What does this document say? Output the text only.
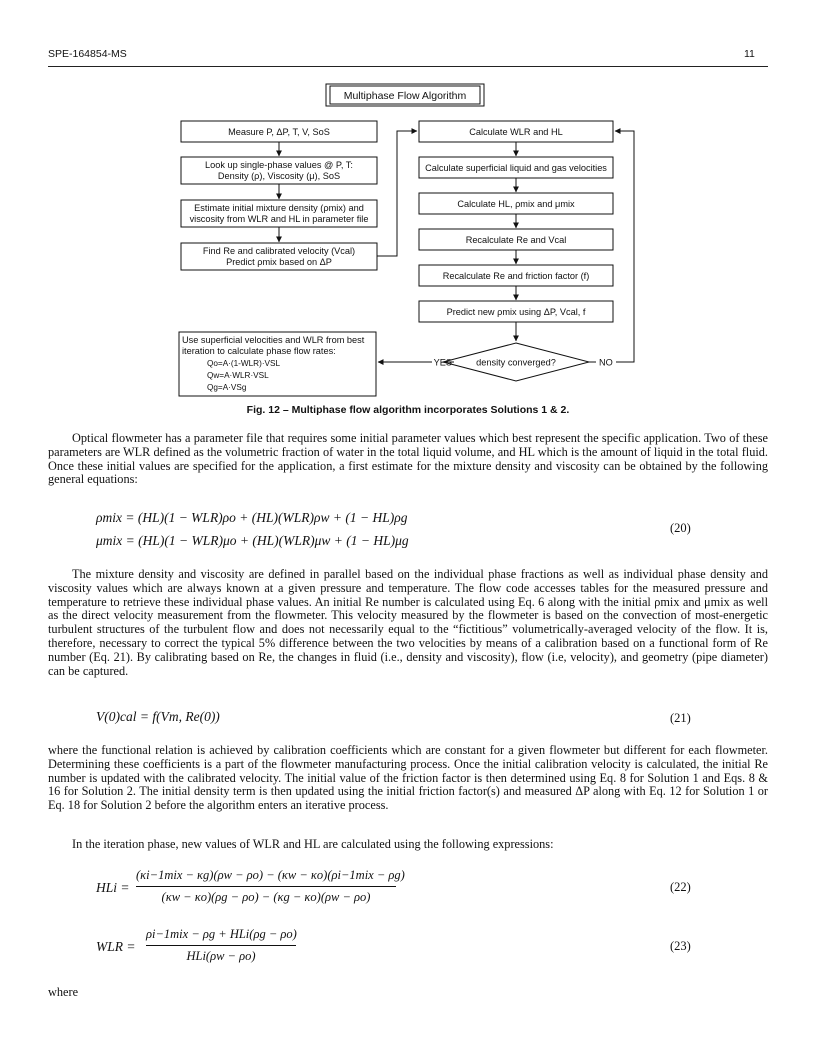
SPE-164854-MS	11
Multiphase Flow Algorithm
Measure P, ΔP, T, V, SoS
Look up single-phase values @ P, T:
Density (ρ), Viscosity (μ), SoS
Estimate initial mixture density (ρmix) and
viscosity from WLR and HL in parameter file
Find Re and calibrated velocity (Vcal)
Predict ρmix based on ΔP
Calculate WLR and HL
Calculate superficial liquid and gas velocities
Calculate HL, ρmix and μmix
Recalculate Re and Vcal
Recalculate Re and friction factor (f)
Predict new ρmix using ΔP, Vcal, f
density converged?	NO
YES
Use superficial velocities and WLR from best
iteration to calculate phase flow rates:
Qo=A·(1-WLR)·VSL
Qw=A·WLR·VSL
Qg=A·VSg
Fig. 12 – Multiphase flow algorithm incorporates Solutions 1 & 2.

Optical flowmeter has a parameter file that requires some initial parameter values which best represent the specific application. Two of these parameters are WLR defined as the volumetric fraction of water in the total liquid volume, and HL which is the amount of liquid in the total fluid. Once these initial values are specified for the application, a first estimate for the mixture density and viscosity can be obtained by the following general equations:

ρmix = (HL)(1 − WLR)ρo + (HL)(WLR)ρw + (1 − HL)ρg
μmix = (HL)(1 − WLR)μo + (HL)(WLR)μw + (1 − HL)μg
(20)

The mixture density and viscosity are defined in parallel based on the individual phase fractions as well as individual phase density and viscosity values which are always known at a given pressure and temperature. The flow code accesses tables for the measured pressure and temperature to retrieve these individual phase values. An initial Re number is calculated using Eq. 6 along with the initial ρmix and μmix as well as the direct velocity measurement from the flowmeter. This velocity measured by the flowmeter is based on the convection of most-energetic turbulent structures of the turbulent flow and does not necessarily equal to the “fictitious” volumetrically-averaged velocity of the flow. It is, therefore, necessary to correct the typical 5% difference between the two velocities by means of a calibration based on a functional form of Re number (Eq. 21). By calibrating based on Re, the changes in fluid (i.e., density and viscosity), flow (i.e, velocity), and geometry (pipe diameter) can be captured.

V(0)cal = f(Vm, Re(0))	(21)

where the functional relation is achieved by calibration coefficients which are constant for a given flowmeter but different for each flowmeter. Determining these coefficients is a part of the flowmeter manufacturing process. Once the initial calibration velocity is calculated, the initial Re number is updated with the calibrated velocity. The initial value of the friction factor is then determined using Eq. 8 for Solution 1 and Eqs. 8 & 16 for Solution 2. The initial density term is then updated using the initial friction factor(s) and measured ΔP along with Eq. 12 for Solution 1 or Eq. 18 for Solution 2 before the algorithm enters an iterative process.

In the iteration phase, new values of WLR and HL are calculated using the following expressions:

HLi =
(κi−1mix − κg)(ρw − ρo) − (κw − κo)(ρi−1mix − ρg)
(κw − κo)(ρg − ρo) − (κg − κo)(ρw − ρo)
(22)
WLR =
ρi−1mix − ρg + HLi(ρg − ρo)
HLi(ρw − ρo)
(23)

where
